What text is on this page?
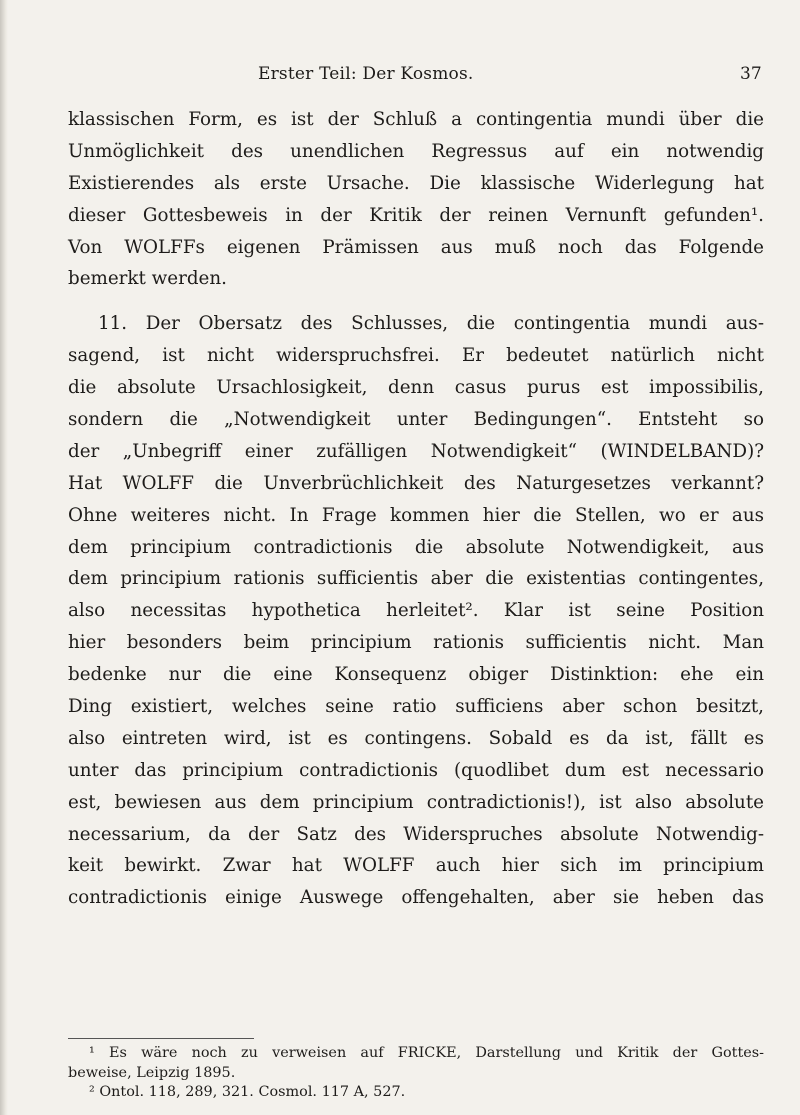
Erster Teil: Der Kosmos.	37
klassischen Form, es ist der Schluß a contingentia mundi über die
Unmöglichkeit des unendlichen Regressus auf ein notwendig
Existierendes als erste Ursache. Die klassische Widerlegung hat
dieser Gottesbeweis in der Kritik der reinen Vernunft gefunden¹.
Von WOLFFs eigenen Prämissen aus muß noch das Folgende
bemerkt werden.
11. Der Obersatz des Schlusses, die contingentia mundi aus-
sagend, ist nicht widerspruchsfrei. Er bedeutet natürlich nicht
die absolute Ursachlosigkeit, denn casus purus est impossibilis,
sondern die „Notwendigkeit unter Bedingungen“. Entsteht so
der „Unbegriff einer zufälligen Notwendigkeit“ (WINDELBAND)?
Hat WOLFF die Unverbrüchlichkeit des Naturgesetzes verkannt?
Ohne weiteres nicht. In Frage kommen hier die Stellen, wo er aus
dem principium contradictionis die absolute Notwendigkeit, aus
dem principium rationis sufficientis aber die existentias contingentes,
also necessitas hypothetica herleitet². Klar ist seine Position
hier besonders beim principium rationis sufficientis nicht. Man
bedenke nur die eine Konsequenz obiger Distinktion: ehe ein
Ding existiert, welches seine ratio sufficiens aber schon besitzt,
also eintreten wird, ist es contingens. Sobald es da ist, fällt es
unter das principium contradictionis (quodlibet dum est necessario
est, bewiesen aus dem principium contradictionis!), ist also absolute
necessarium, da der Satz des Widerspruches absolute Notwendig-
keit bewirkt. Zwar hat WOLFF auch hier sich im principium
contradictionis einige Auswege offengehalten, aber sie heben das
¹ Es wäre noch zu verweisen auf FRICKE, Darstellung und Kritik der Gottes-
beweise, Leipzig 1895.
² Ontol. 118, 289, 321. Cosmol. 117 A, 527.
